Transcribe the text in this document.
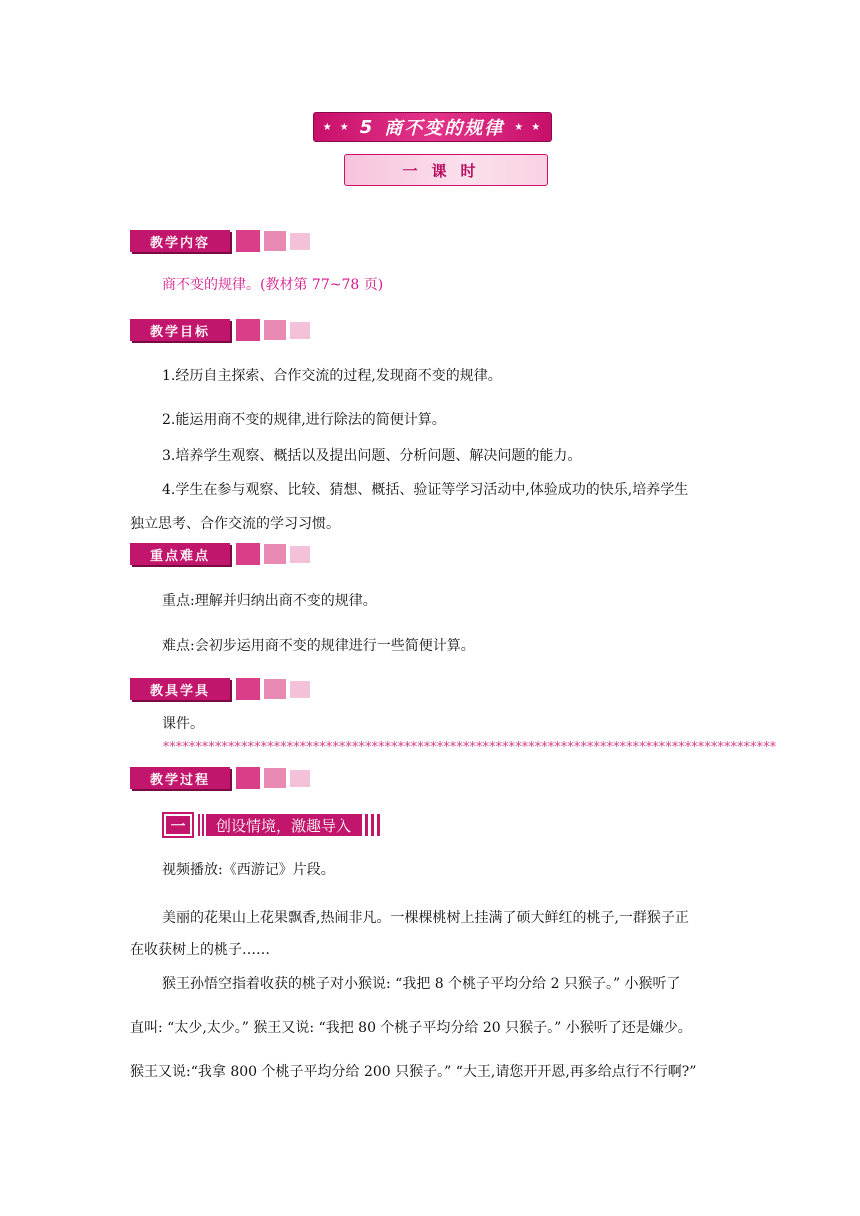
★ ★ 5 商不变的规律 ★ ★
一课时
教学内容
商不变的规律。(教材第 77~78 页)
教学目标
1.经历自主探索、合作交流的过程,发现商不变的规律。
2.能运用商不变的规律,进行除法的简便计算。
3.培养学生观察、概括以及提出问题、分析问题、解决问题的能力。
4.学生在参与观察、比较、猜想、概括、验证等学习活动中,体验成功的快乐,培养学生
独立思考、合作交流的学习习惯。
重点难点
重点:理解并归纳出商不变的规律。
难点:会初步运用商不变的规律进行一些简便计算。
教具学具
课件。
**********************************************************************************************
教学过程
一	创设情境，激趣导入
视频播放:《西游记》片段。
美丽的花果山上花果飘香,热闹非凡。一棵棵桃树上挂满了硕大鲜红的桃子,一群猴子正
在收获树上的桃子……
猴王孙悟空指着收获的桃子对小猴说: “我把 8 个桃子平均分给 2 只猴子。” 小猴听了
直叫: “太少,太少。” 猴王又说: “我把 80 个桃子平均分给 20 只猴子。” 小猴听了还是嫌少。
猴王又说:“我拿 800 个桃子平均分给 200 只猴子。” “大王,请您开开恩,再多给点行不行啊?”
